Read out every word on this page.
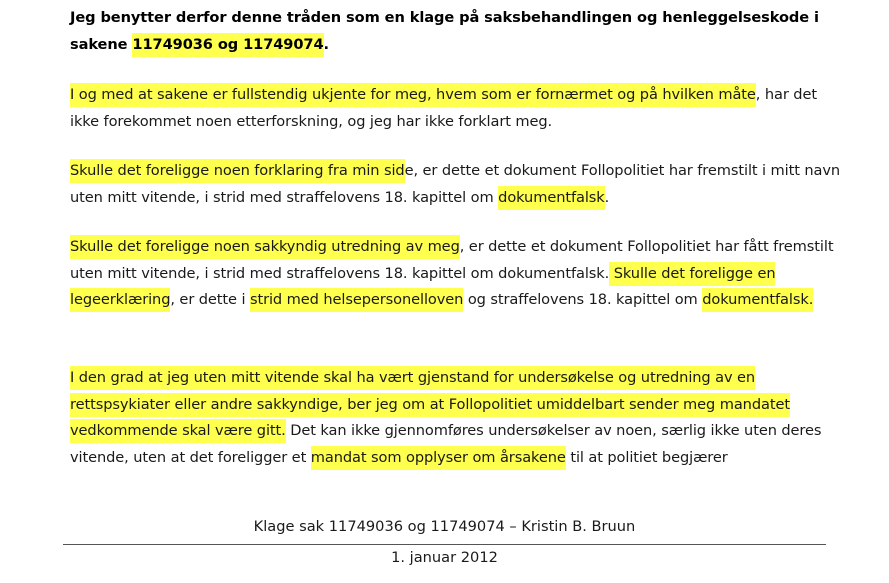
Jeg benytter derfor denne tråden som en klage på saksbehandlingen og henleggelseskode i sakene 11749036 og 11749074.
I og med at sakene er fullstendig ukjente for meg, hvem som er fornærmet og på hvilken måte, har det ikke forekommet noen etterforskning, og jeg har ikke forklart meg.
Skulle det foreligge noen forklaring fra min side, er dette et dokument Follopolitiet har fremstilt i mitt navn uten mitt vitende, i strid med straffelovens 18. kapittel om dokumentfalsk.
Skulle det foreligge noen sakkyndig utredning av meg, er dette et dokument Follopolitiet har fått fremstilt uten mitt vitende, i strid med straffelovens 18. kapittel om dokumentfalsk. Skulle det foreligge en legeerklæring, er dette i strid med helsepersonelloven og straffelovens 18. kapittel om dokumentfalsk.
I den grad at jeg uten mitt vitende skal ha vært gjenstand for undersøkelse og utredning av en rettspsykiater eller andre sakkyndige, ber jeg om at Follopolitiet umiddelbart sender meg mandatet vedkommende skal være gitt. Det kan ikke gjennomføres undersøkelser av noen, særlig ikke uten deres vitende, uten at det foreligger et mandat som opplyser om årsakene til at politiet begjærer
Klage sak 11749036 og 11749074 – Kristin B. Bruun
1. januar 2012
